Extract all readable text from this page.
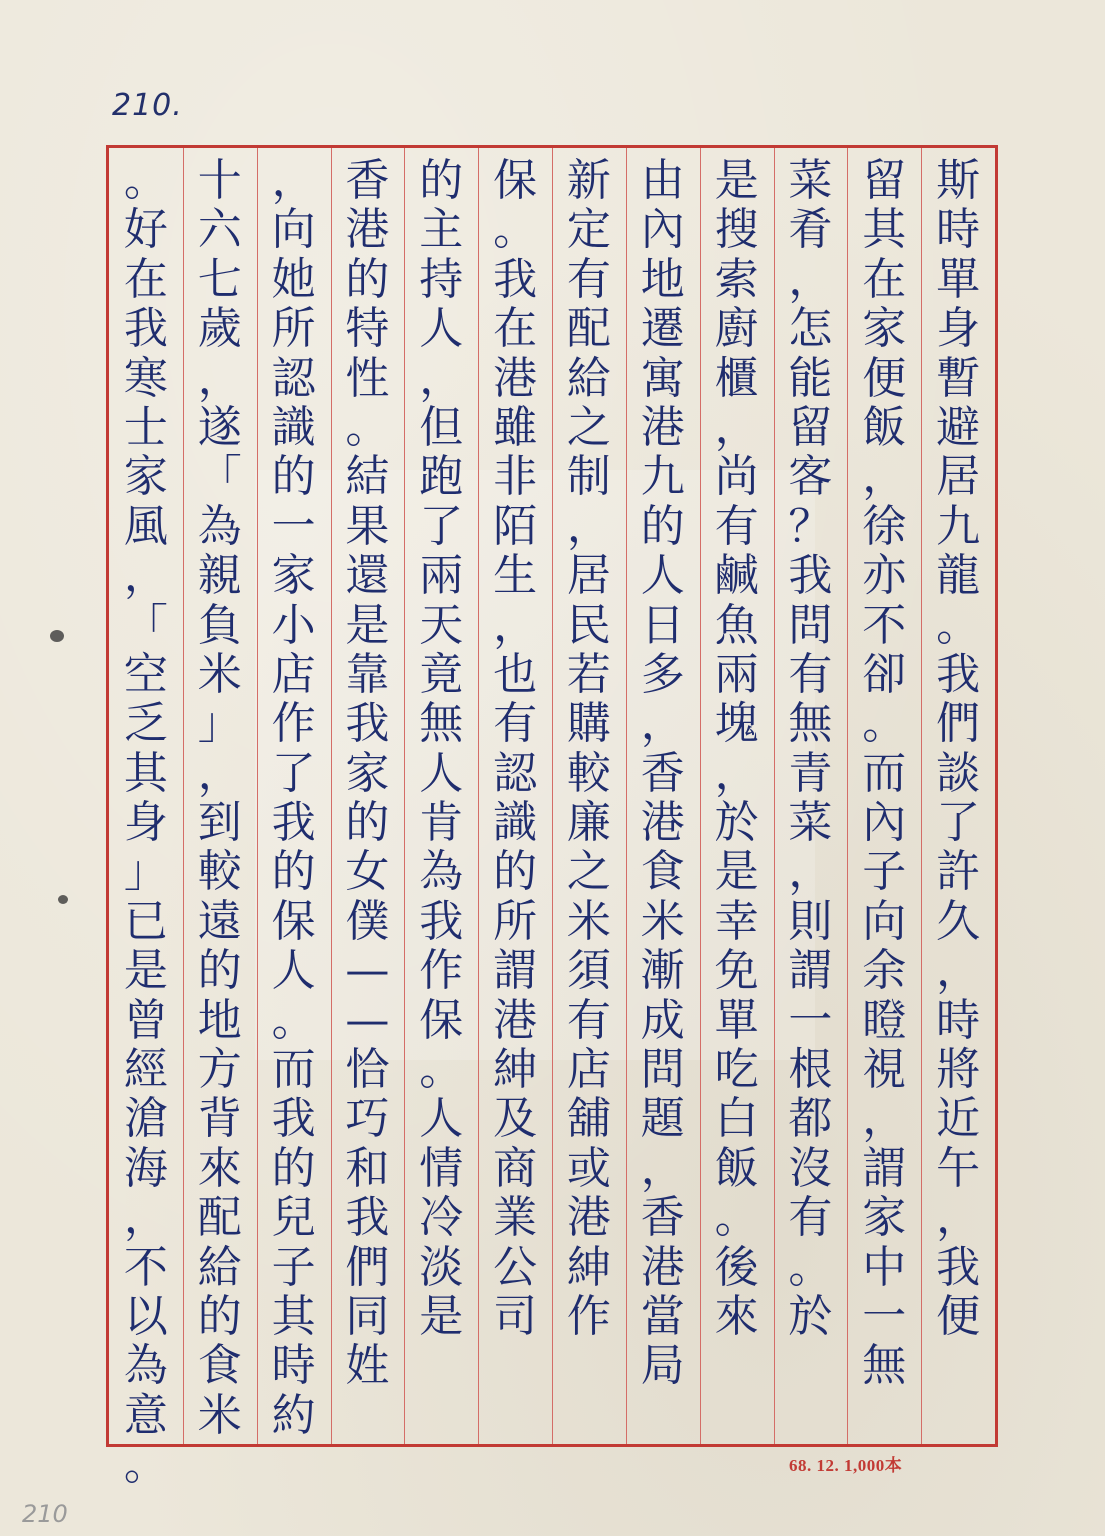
210.
斯
時
單
身
暫
避
居
九
龍
。
我
們
談
了
許
久
，
時
將
近
午
，
我
便
留
其
在
家
便
飯
，
徐
亦
不
卻
。
而
內
子
向
余
瞪
視
，
謂
家
中
一
無
菜
肴
，
怎
能
留
客
？
我
問
有
無
青
菜
，
則
謂
一
根
都
沒
有
。
於
是
搜
索
廚
櫃
，
尚
有
鹹
魚
兩
塊
，
於
是
幸
免
單
吃
白
飯
。
後
來
由
內
地
遷
寓
港
九
的
人
日
多
，
香
港
食
米
漸
成
問
題
，
香
港
當
局
新
定
有
配
給
之
制
，
居
民
若
購
較
廉
之
米
須
有
店
舖
或
港
紳
作
保
。
我
在
港
雖
非
陌
生
，
也
有
認
識
的
所
謂
港
紳
及
商
業
公
司
的
主
持
人
，
但
跑
了
兩
天
竟
無
人
肯
為
我
作
保
。
人
情
冷
淡
是
香
港
的
特
性
。
結
果
還
是
靠
我
家
的
女
僕
—
—
恰
巧
和
我
們
同
姓
，
向
她
所
認
識
的
一
家
小
店
作
了
我
的
保
人
。
而
我
的
兒
子
其
時
約
十
六
七
歲
，
遂
「
為
親
負
米
」
，
到
較
遠
的
地
方
背
來
配
給
的
食
米
。
好
在
我
寒
士
家
風
，
「
空
乏
其
身
」
已
是
曾
經
滄
海
，
不
以
為
意
。	68. 12. 1,000本
210
